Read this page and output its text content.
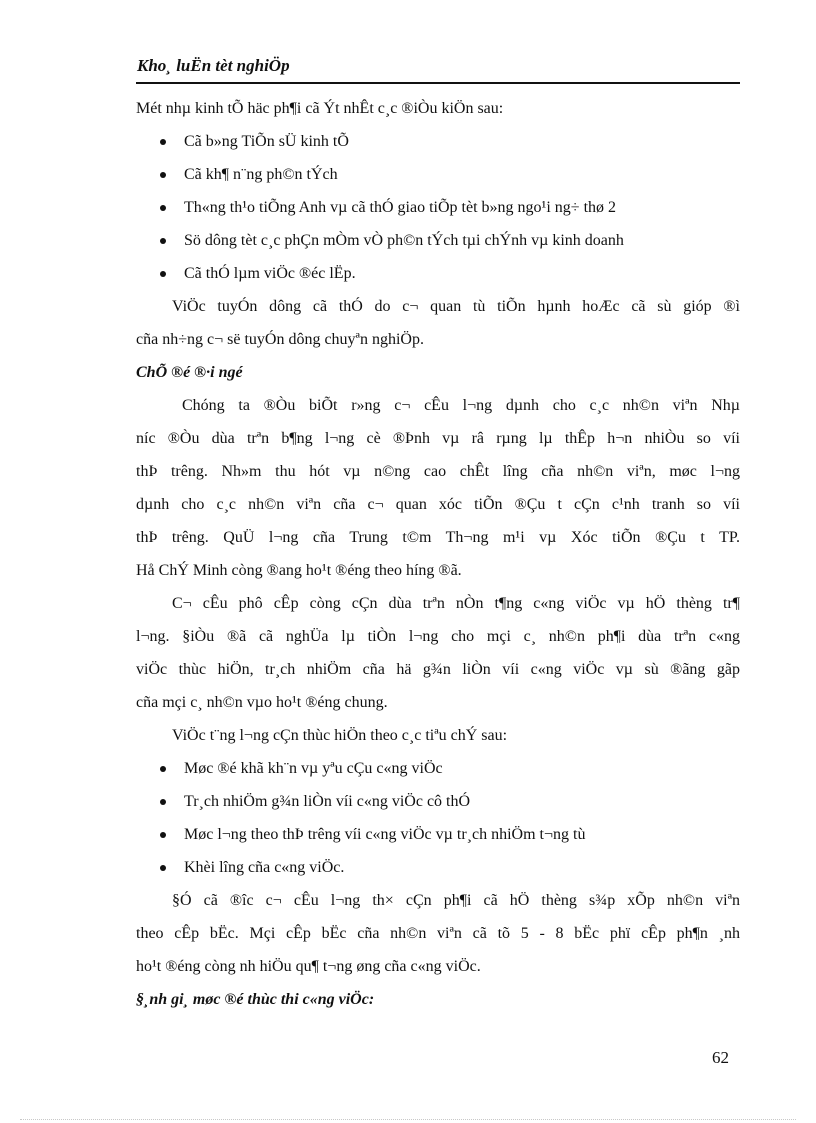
Kho¸ luËn tèt nghiÖp
Mét nhµ kinh tÕ häc ph¶i cã Ýt nhÊt c¸c ®iÒu kiÖn sau:
Cã b»ng TiÕn sÜ kinh tÕ
Cã kh¶ n¨ng ph©n tÝch
Th«ng th¹o tiÕng Anh vµ cã thÓ giao tiÕp tèt b»ng ngo¹i ng÷ thø 2
Sö dông tèt c¸c phÇn mÒm vÒ ph©n tÝch tµi chÝnh vµ kinh doanh
Cã thÓ lµm viÖc ®éc lËp.
ViÖc tuyÓn dông cã thÓ do c¬ quan tù tiÕn hµnh hoÆc cã sù gióp ®ì
cña nh÷ng c¬ së tuyÓn dông chuyªn nghiÖp.
ChÕ ®é ®·i ngé
Chóng ta ®Òu biÕt r»ng c¬ cÊu l¬ng dµnh cho c¸c nh©n viªn Nhµ
níc ®Òu dùa trªn b¶ng l¬ng cè ®Þnh vµ râ rµng lµ thÊp h¬n nhiÒu so víi
thÞ trêng. Nh»m thu hót vµ n©ng cao chÊt lîng cña nh©n viªn, møc l¬ng
dµnh cho c¸c nh©n viªn cña c¬ quan xóc tiÕn ®Çu t cÇn c¹nh tranh so víi
thÞ trêng. QuÜ l¬ng cña Trung t©m Th¬ng m¹i vµ Xóc tiÕn ®Çu t TP.
Hå ChÝ Minh còng ®ang ho¹t ®éng theo híng ®ã.
C¬ cÊu phô cÊp còng cÇn dùa trªn nÒn t¶ng c«ng viÖc vµ hÖ thèng tr¶
l¬ng. §iÒu ®ã cã nghÜa lµ tiÒn l¬ng cho mçi c¸ nh©n ph¶i dùa trªn c«ng
viÖc thùc hiÖn, tr¸ch nhiÖm cña hä g¾n liÒn víi c«ng viÖc vµ sù ®ãng gãp
cña mçi c¸ nh©n vµo ho¹t ®éng chung.
ViÖc t¨ng l¬ng cÇn thùc hiÖn theo c¸c tiªu chÝ sau:
Møc ®é khã kh¨n vµ yªu cÇu c«ng viÖc
Tr¸ch nhiÖm g¾n liÒn víi c«ng viÖc cô thÓ
Møc l¬ng theo thÞ trêng víi c«ng viÖc vµ tr¸ch nhiÖm t¬ng tù
Khèi lîng cña c«ng viÖc.
§Ó cã ®îc c¬ cÊu l¬ng th× cÇn ph¶i cã hÖ thèng s¾p xÕp nh©n viªn
theo cÊp bËc. Mçi cÊp bËc cña nh©n viªn cã tõ 5 - 8 bËc phï cÊp ph¶n ¸nh
ho¹t ®éng còng nh hiÖu qu¶ t¬ng øng cña c«ng viÖc.
§¸nh gi¸ møc ®é thùc thi c«ng viÖc:
62
